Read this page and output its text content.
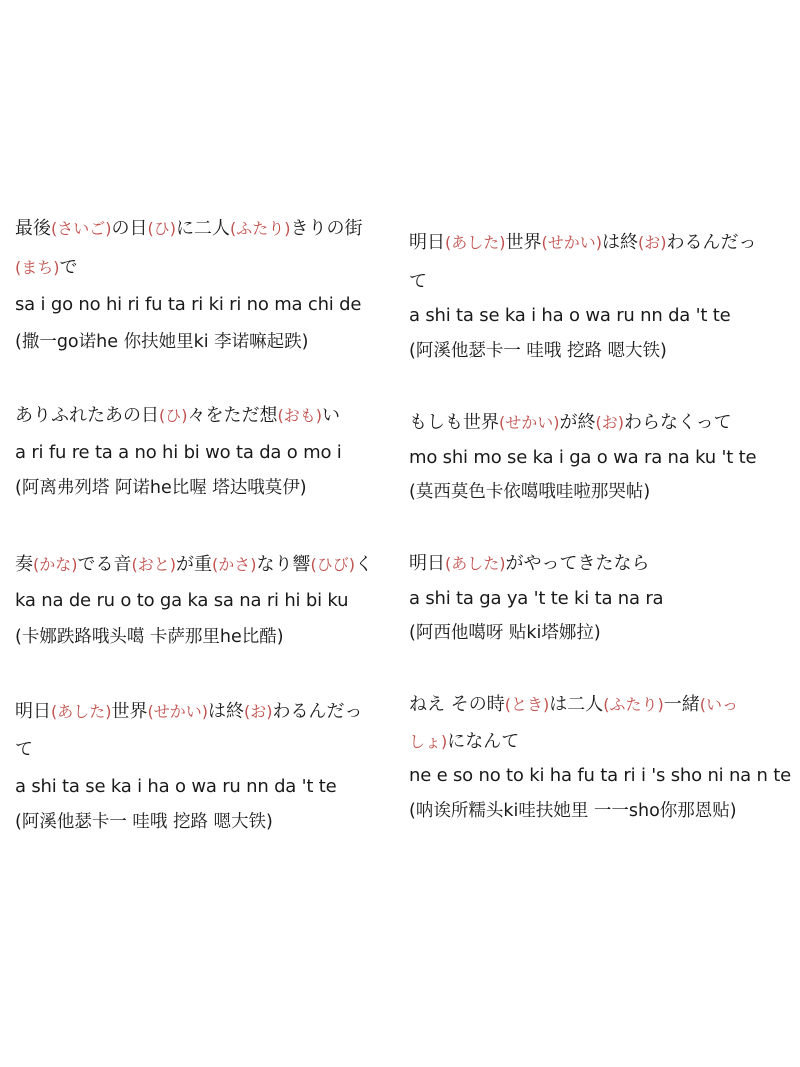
最後(さいご)の日(ひ)に二人(ふたり)きりの街
(まち)で
sa i go no hi ri fu ta ri ki ri no ma chi de
(撒一go诺he 你扶她里ki 李诺嘛起跌)
ありふれたあの日(ひ)々をただ想(おも)い
a ri fu re ta a no hi bi wo ta da o mo i
(阿离弗列塔 阿诺he比喔 塔达哦莫伊)
奏(かな)でる音(おと)が重(かさ)なり響(ひび)く
ka na de ru o to ga ka sa na ri hi bi ku
(卡娜跌路哦头噶 卡萨那里he比酷)
明日(あした)世界(せかい)は終(お)わるんだっ
て
a shi ta se ka i ha o wa ru nn da 't te
(阿溪他瑟卡一 哇哦 挖路 嗯大铁)
明日(あした)世界(せかい)は終(お)わるんだっ
て
a shi ta se ka i ha o wa ru nn da 't te
(阿溪他瑟卡一 哇哦 挖路 嗯大铁)
もしも世界(せかい)が終(お)わらなくって
mo shi mo se ka i ga o wa ra na ku 't te
(莫西莫色卡依噶哦哇啦那哭帖)
明日(あした)がやってきたなら
a shi ta ga ya 't te ki ta na ra
(阿西他噶呀 贴ki塔娜拉)
ねえ その時(とき)は二人(ふたり)一緒(いっ
しょ)になんて
ne e so no to ki ha fu ta ri i 's sho ni na n te
(呐诶所糯头ki哇扶她里 一一sho你那恩贴)
